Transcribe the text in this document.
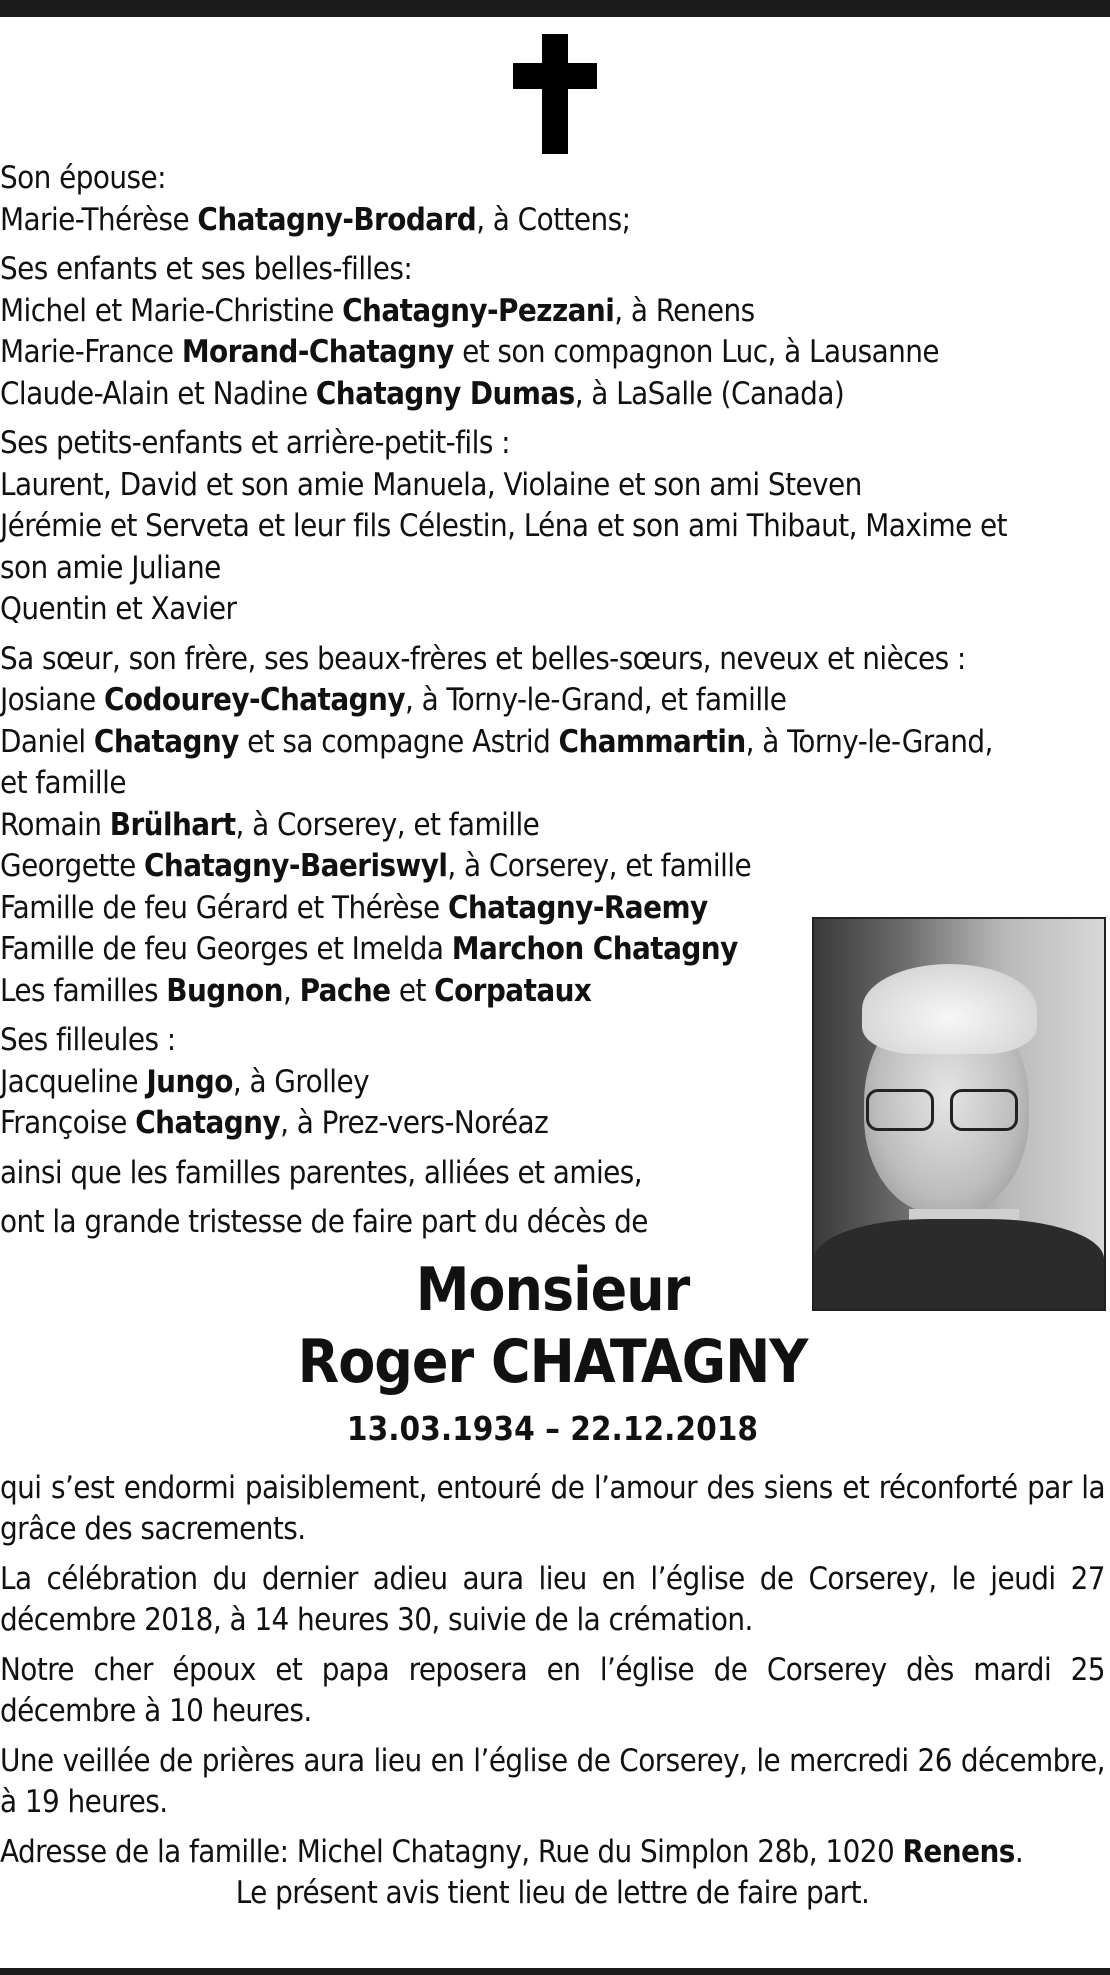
Son épouse:
Marie-Thérèse Chatagny-Brodard, à Cottens;
Ses enfants et ses belles-filles:
Michel et Marie-Christine Chatagny-Pezzani, à Renens
Marie-France Morand-Chatagny et son compagnon Luc, à Lausanne
Claude-Alain et Nadine Chatagny Dumas, à LaSalle (Canada)
Ses petits-enfants et arrière-petit-fils :
Laurent, David et son amie Manuela, Violaine et son ami Steven
Jérémie et Serveta et leur fils Célestin, Léna et son ami Thibaut, Maxime et
son amie Juliane
Quentin et Xavier
Sa sœur, son frère, ses beaux-frères et belles-sœurs, neveux et nièces :
Josiane Codourey-Chatagny, à Torny-le-Grand, et famille
Daniel Chatagny et sa compagne Astrid Chammartin, à Torny-le-Grand,
et famille
Romain Brülhart, à Corserey, et famille
Georgette Chatagny-Baeriswyl, à Corserey, et famille
Famille de feu Gérard et Thérèse Chatagny-Raemy
Famille de feu Georges et Imelda Marchon Chatagny
Les familles Bugnon, Pache et Corpataux
Ses filleules :
Jacqueline Jungo, à Grolley
Françoise Chatagny, à Prez-vers-Noréaz
ainsi que les familles parentes, alliées et amies,
ont la grande tristesse de faire part du décès de
Monsieur
Roger CHATAGNY
13.03.1934 – 22.12.2018
qui s’est endormi paisiblement, entouré de l’amour des siens et réconforté par la grâce des sacrements.
La célébration du dernier adieu aura lieu en l’église de Corserey, le jeudi 27 décembre 2018, à 14 heures 30, suivie de la crémation.
Notre cher époux et papa reposera en l’église de Corserey dès mardi 25 décembre à 10 heures.
Une veillée de prières aura lieu en l’église de Corserey, le mercredi 26 décembre, à 19 heures.
Adresse de la famille: Michel Chatagny, Rue du Simplon 28b, 1020 Renens.
Le présent avis tient lieu de lettre de faire part.
